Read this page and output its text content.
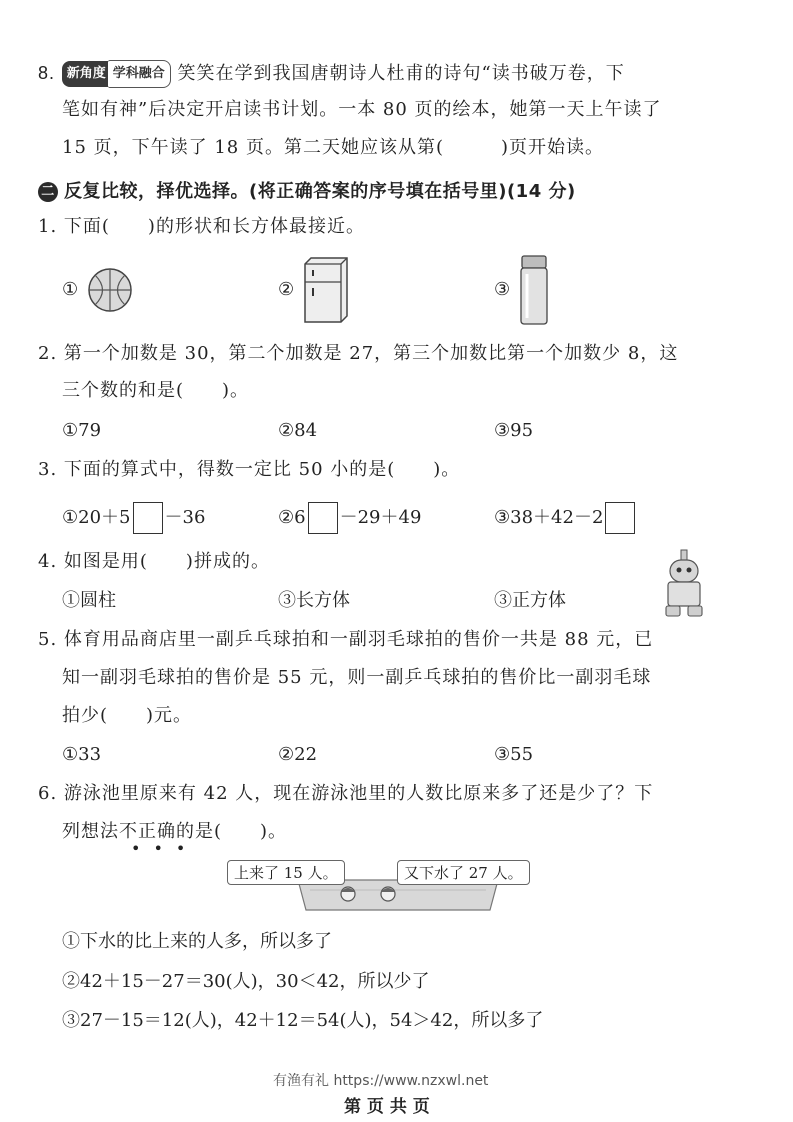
8. 新角度 学科融合 笑笑在学到我国唐朝诗人杜甫的诗句“读书破万卷，下
笔如有神”后决定开启读书计划。一本 80 页的绘本，她第一天上午读了
15 页，下午读了 18 页。第二天她应该从第(　　　)页开始读。
二 反复比较，择优选择。(将正确答案的序号填在括号里)(14 分)
1. 下面(　　)的形状和长方体最接近。
①	②	③
2. 第一个加数是 30，第二个加数是 27，第三个加数比第一个加数少 8，这
三个数的和是(　　)。
①79	②84	③95
3. 下面的算式中，得数一定比 50 小的是(　　)。
①20＋5 －36	②6 －29＋49	③38＋42－2
4. 如图是用(　　)拼成的。
①圆柱	③长方体	③正方体
5. 体育用品商店里一副乒乓球拍和一副羽毛球拍的售价一共是 88 元，已
知一副羽毛球拍的售价是 55 元，则一副乒乓球拍的售价比一副羽毛球
拍少(　　)元。
①33	②22	③55
6. 游泳池里原来有 42 人，现在游泳池里的人数比原来多了还是少了？下
列想法不正确的是(　　)。
•••
上来了 15 人。	又下水了 27 人。
①下水的比上来的人多，所以多了
②42＋15－27＝30(人)，30＜42，所以少了
③27－15＝12(人)，42＋12＝54(人)，54＞42，所以多了
有渔有礼 https://www.nzxwl.net
第 页 共 页
